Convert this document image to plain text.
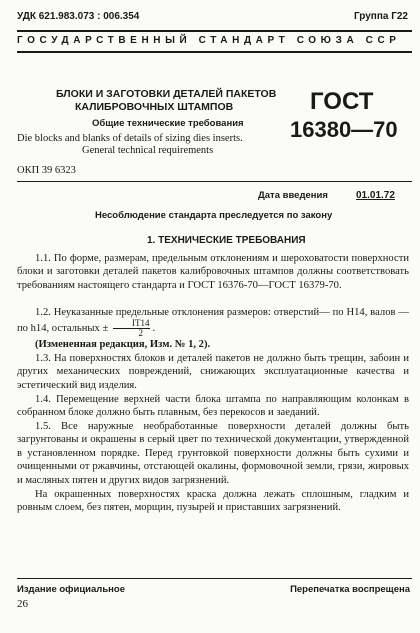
УДК 621.983.073 : 006.354	Группа Г22
ГОСУДАРСТВЕННЫЙ СТАНДАРТ СОЮЗА ССР
БЛОКИ И ЗАГОТОВКИ ДЕТАЛЕЙ ПАКЕТОВ
КАЛИБРОВОЧНЫХ ШТАМПОВ
Общие технические требования
Die blocks and blanks of details of sizing dies inserts.
General technical requirements
ГОСТ
16380—70
ОКП 39 6323
Дата введения	01.01.72
Несоблюдение стандарта преследуется по закону
1. ТЕХНИЧЕСКИЕ ТРЕБОВАНИЯ
1.1. По форме, размерам, предельным отклонениям и шероховатости поверхности блоки и заготовки деталей пакетов калибровочных штампов должны соответствовать требованиям настоящего стандарта и ГОСТ 16376-70—ГОСТ 16379-70.
1.2. Неуказанные предельные отклонения размеров: отверстий— по H14, валов — по h14, остальных ± $\frac{IT14}{2}$ .
(Измененная редакция, Изм. № 1, 2).
1.3. На поверхностях блоков и деталей пакетов не должно быть трещин, забоин и других механических повреждений, снижающих эксплуатационные качества и эстетический вид изделия.
1.4. Перемещение верхней части блока штампа по направляющим колонкам в собранном блоке должно быть плавным, без перекосов и заеданий.
1.5. Все наружные необработанные поверхности деталей должны быть загрунтованы и окрашены в серый цвет по технической документации, утвержденной в установленном порядке. Перед грунтовкой поверхности должны быть сухими и очищенными от ржавчины, отстающей окалины, формовочной земли, грязи, жировых и масляных пятен и других видов загрязнений.
На окрашенных поверхностях краска должна лежать сплошным, гладким и ровным слоем, без пятен, морщин, пузырей и приставших загрязнений.
Издание официальное	Перепечатка воспрещена
26
